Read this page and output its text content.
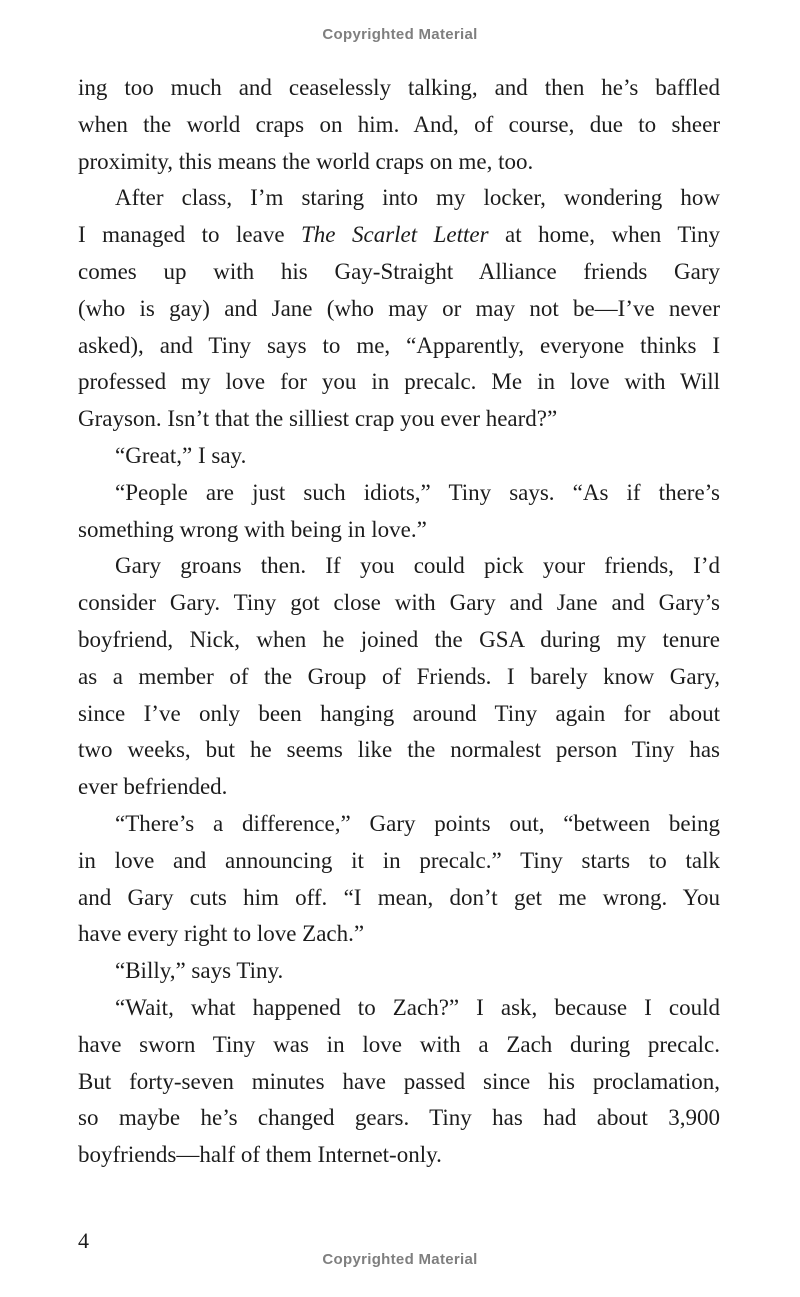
Copyrighted Material
ing too much and ceaselessly talking, and then he’s baffled
when the world craps on him. And, of course, due to sheer
proximity, this means the world craps on me, too.
After class, I’m staring into my locker, wondering how
I managed to leave The Scarlet Letter at home, when Tiny
comes up with his Gay-Straight Alliance friends Gary
(who is gay) and Jane (who may or may not be—I’ve never
asked), and Tiny says to me, “Apparently, everyone thinks I
professed my love for you in precalc. Me in love with Will
Grayson. Isn’t that the silliest crap you ever heard?”
“Great,” I say.
“People are just such idiots,” Tiny says. “As if there’s
something wrong with being in love.”
Gary groans then. If you could pick your friends, I’d
consider Gary. Tiny got close with Gary and Jane and Gary’s
boyfriend, Nick, when he joined the GSA during my tenure
as a member of the Group of Friends. I barely know Gary,
since I’ve only been hanging around Tiny again for about
two weeks, but he seems like the normalest person Tiny has
ever befriended.
“There’s a difference,” Gary points out, “between being
in love and announcing it in precalc.” Tiny starts to talk
and Gary cuts him off. “I mean, don’t get me wrong. You
have every right to love Zach.”
“Billy,” says Tiny.
“Wait, what happened to Zach?” I ask, because I could
have sworn Tiny was in love with a Zach during precalc.
But forty-seven minutes have passed since his proclamation,
so maybe he’s changed gears. Tiny has had about 3,900
boyfriends—half of them Internet-only.
4
Copyrighted Material
